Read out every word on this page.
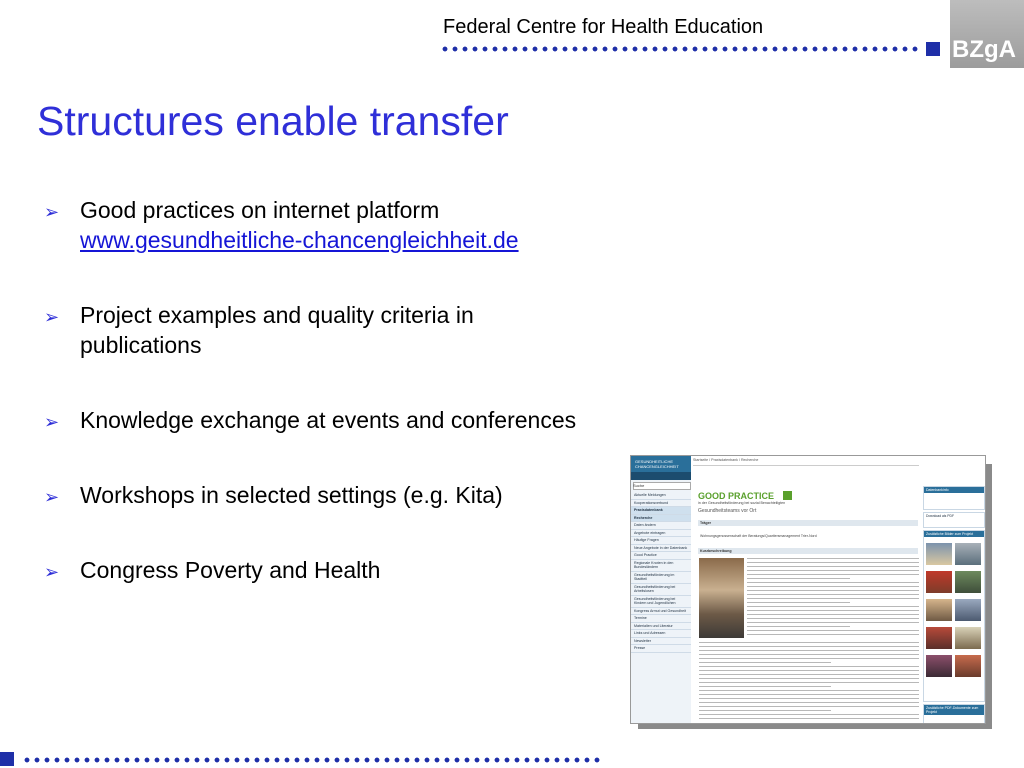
Federal Centre for Health Education
BZgA
Structures enable transfer
➢ Good practices on internet platform
www.gesundheitliche-chancengleichheit.de
➢ Project examples and quality criteria in publications
➢ Knowledge exchange at events and conferences
➢ Workshops in selected settings (e.g. Kita)
➢ Congress Poverty and Health
GESUNDHEITLICHE CHANCENGLEICHHEIT
Suche
Aktuelle Meldungen
Kooperationsverbund
Praxisdatenbank
Recherche
Daten ändern
Angebote eintragen
Häufige Fragen
Neue Angebote in der Datenbank
Good Practice
Regionale Knoten in den Bundesländern
Gesundheitsförderung im Stadtteil
Gesundheitsförderung bei Arbeitslosen
Gesundheitsförderung bei Kindern und Jugendlichen
Kongress Armut und Gesundheit
Termine
Materialien und Literatur
Links und Adressen
Newsletter
Presse
Startseite / Praxisdatenbank / Recherche
GOOD PRACTICE
in der Gesundheitsförderung bei sozial Benachteiligten
Gesundheitsteams vor Ort
Träger
Wohnungsgenossenschaft der Beratungs/Quartiersmanagement Trier-Nord
Kurzbeschreibung
Datenbankinfo
Download als PDF
Zusätzliche Bilder zum Projekt
Zusätzliche PDF-Dokumente zum Projekt
